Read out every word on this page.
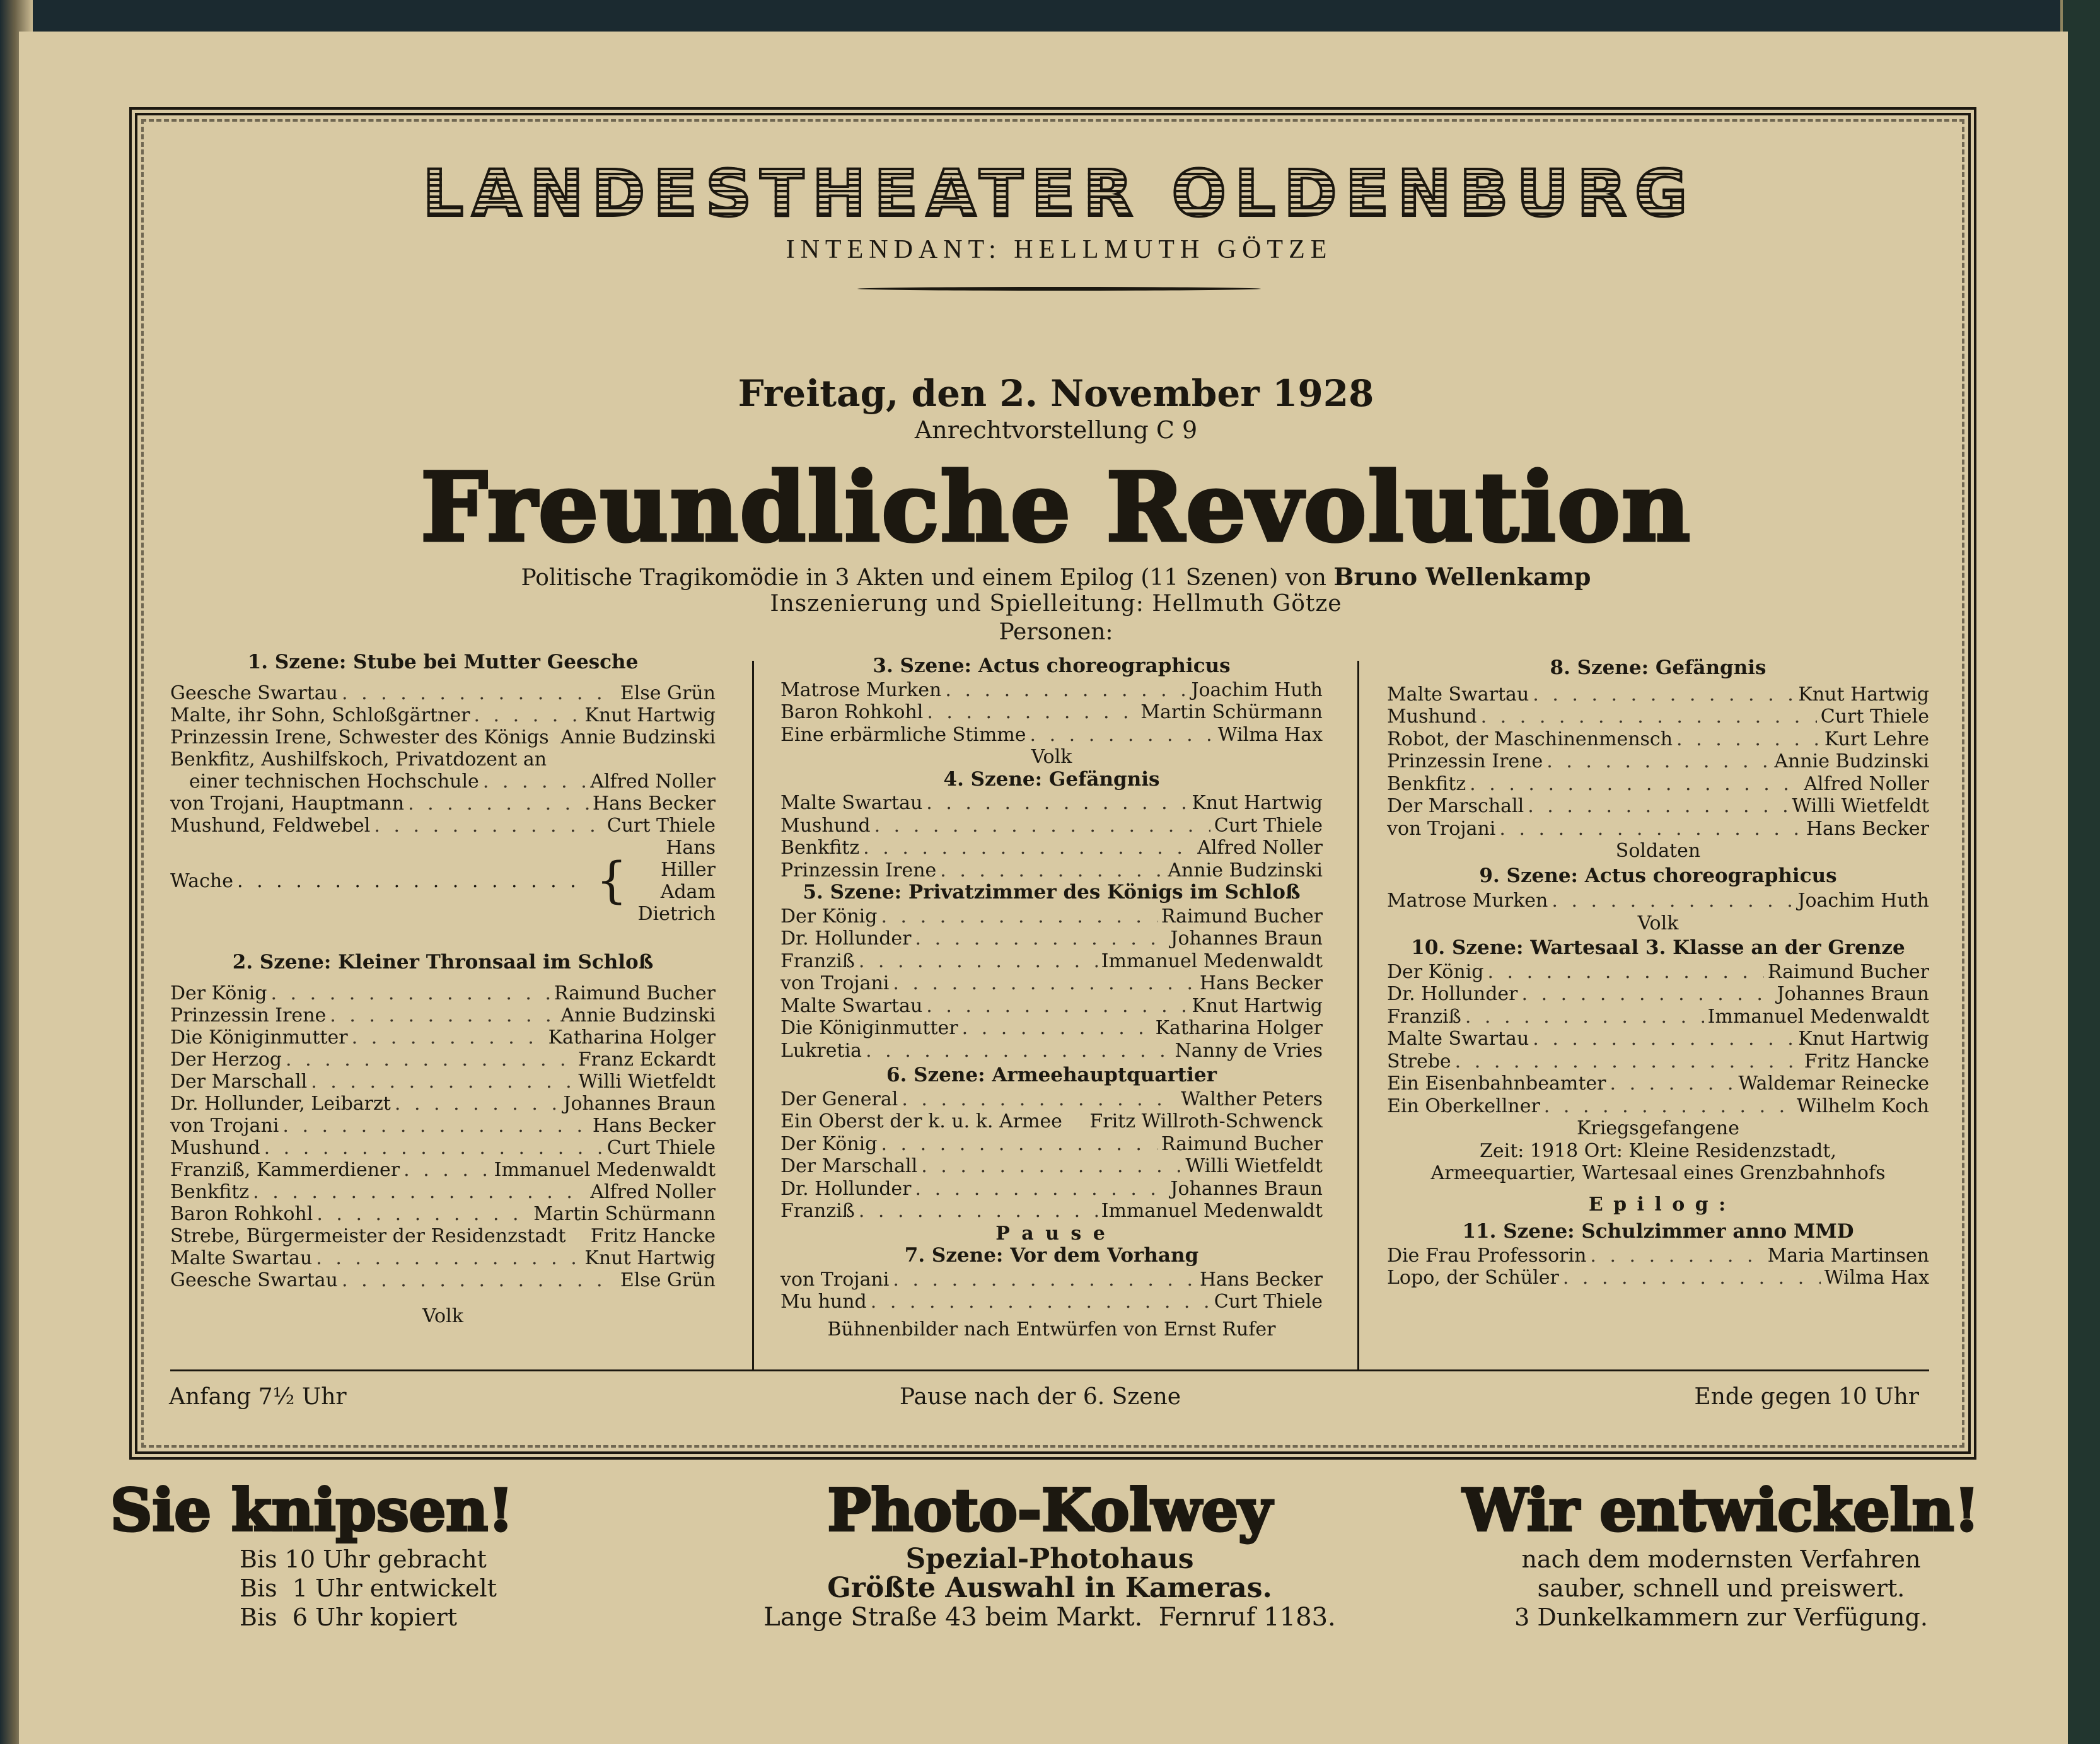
LANDESTHEATER OLDENBURG
INTENDANT: HELLMUTH GÖTZE
Freitag, den 2. November 1928
Anrechtvorstellung C 9
Freundliche Revolution
Politische Tragikomödie in 3 Akten und einem Epilog (11 Szenen) von Bruno Wellenkamp
Inszenierung und Spielleitung: Hellmuth Götze
Personen:
1. Szene: Stube bei Mutter Geesche
Geesche Swartau . . .	Else Grün
Malte, ihr Sohn, Schloßgärtner . . .	Knut Hartwig
Prinzessin Irene, Schwester des Königs Annie Budzinski
Benkfitz, Aushilfskoch, Privatdozent an
einer technischen Hochschule . . .	Alfred Noller
von Trojani, Hauptmann . . .	Hans Becker
Mushund, Feldwebel . . .	Curt Thiele
Wache . . .	{
Hans Hiller
Adam Dietrich
2. Szene: Kleiner Thronsaal im Schloß
Der König . . .	Raimund Bucher
Prinzessin Irene . . .	Annie Budzinski
Die Königinmutter . . .	Katharina Holger
Der Herzog . . .	Franz Eckardt
Der Marschall . . .	Willi Wietfeldt
Dr. Hollunder, Leibarzt . . .	Johannes Braun
von Trojani . . .	Hans Becker
Mushund . . .	Curt Thiele
Franziß, Kammerdiener . . .	Immanuel Medenwaldt
Benkfitz . . .	Alfred Noller
Baron Rohkohl . . .	Martin Schürmann
Strebe, Bürgermeister der Residenzstadt Fritz Hancke
Malte Swartau . . .	Knut Hartwig
Geesche Swartau . . .	Else Grün
Volk
3. Szene: Actus choreographicus
Matrose Murken . . .	Joachim Huth
Baron Rohkohl . . .	Martin Schürmann
Eine erbärmliche Stimme . . .	Wilma Hax
Volk
4. Szene: Gefängnis
Malte Swartau . . .	Knut Hartwig
Mushund . . .	Curt Thiele
Benkfitz . . .	Alfred Noller
Prinzessin Irene . . .	Annie Budzinski
5. Szene: Privatzimmer des Königs im Schloß
Der König . . .	Raimund Bucher
Dr. Hollunder . . .	Johannes Braun
Franziß . . .	Immanuel Medenwaldt
von Trojani . . .	Hans Becker
Malte Swartau . . .	Knut Hartwig
Die Königinmutter . . .	Katharina Holger
Lukretia . . .	Nanny de Vries
6. Szene: Armeehauptquartier
Der General . . .	Walther Peters
Ein Oberst der k. u. k. Armee Fritz Willroth-Schwenck
Der König . . .	Raimund Bucher
Der Marschall . . .	Willi Wietfeldt
Dr. Hollunder . . .	Johannes Braun
Franziß . . .	Immanuel Medenwaldt
P a u s e
7. Szene: Vor dem Vorhang
von Trojani . . .	Hans Becker
Mu hund . . .	Curt Thiele
Bühnenbilder nach Entwürfen von Ernst Rufer
8. Szene: Gefängnis
Malte Swartau . . .	Knut Hartwig
Mushund . . .	Curt Thiele
Robot, der Maschinenmensch . . .	Kurt Lehre
Prinzessin Irene . . .	Annie Budzinski
Benkfitz . . .	Alfred Noller
Der Marschall . . .	Willi Wietfeldt
von Trojani . . .	Hans Becker
Soldaten
9. Szene: Actus choreographicus
Matrose Murken . . .	Joachim Huth
Volk
10. Szene: Wartesaal 3. Klasse an der Grenze
Der König . . .	Raimund Bucher
Dr. Hollunder . . .	Johannes Braun
Franziß . . .	Immanuel Medenwaldt
Malte Swartau . . .	Knut Hartwig
Strebe . . .	Fritz Hancke
Ein Eisenbahnbeamter . . .	Waldemar Reinecke
Ein Oberkellner . . .	Wilhelm Koch
Kriegsgefangene
Zeit: 1918 Ort: Kleine Residenzstadt,
Armeequartier, Wartesaal eines Grenzbahnhofs
E p i l o g :
11. Szene: Schulzimmer anno MMD
Die Frau Professorin . . .	Maria Martinsen
Lopo, der Schüler . . .	Wilma Hax
Anfang 7½ Uhr	Pause nach der 6. Szene	Ende gegen 10 Uhr
Sie knipsen!
Bis 10 Uhr gebracht
Bis  1 Uhr entwickelt
Bis  6 Uhr kopiert
Photo-Kolwey
Spezial-Photohaus
Größte Auswahl in Kameras.
Lange Straße 43 beim Markt.  Fernruf 1183.
Wir entwickeln!
nach dem modernsten Verfahren
sauber, schnell und preiswert.
3 Dunkelkammern zur Verfügung.
